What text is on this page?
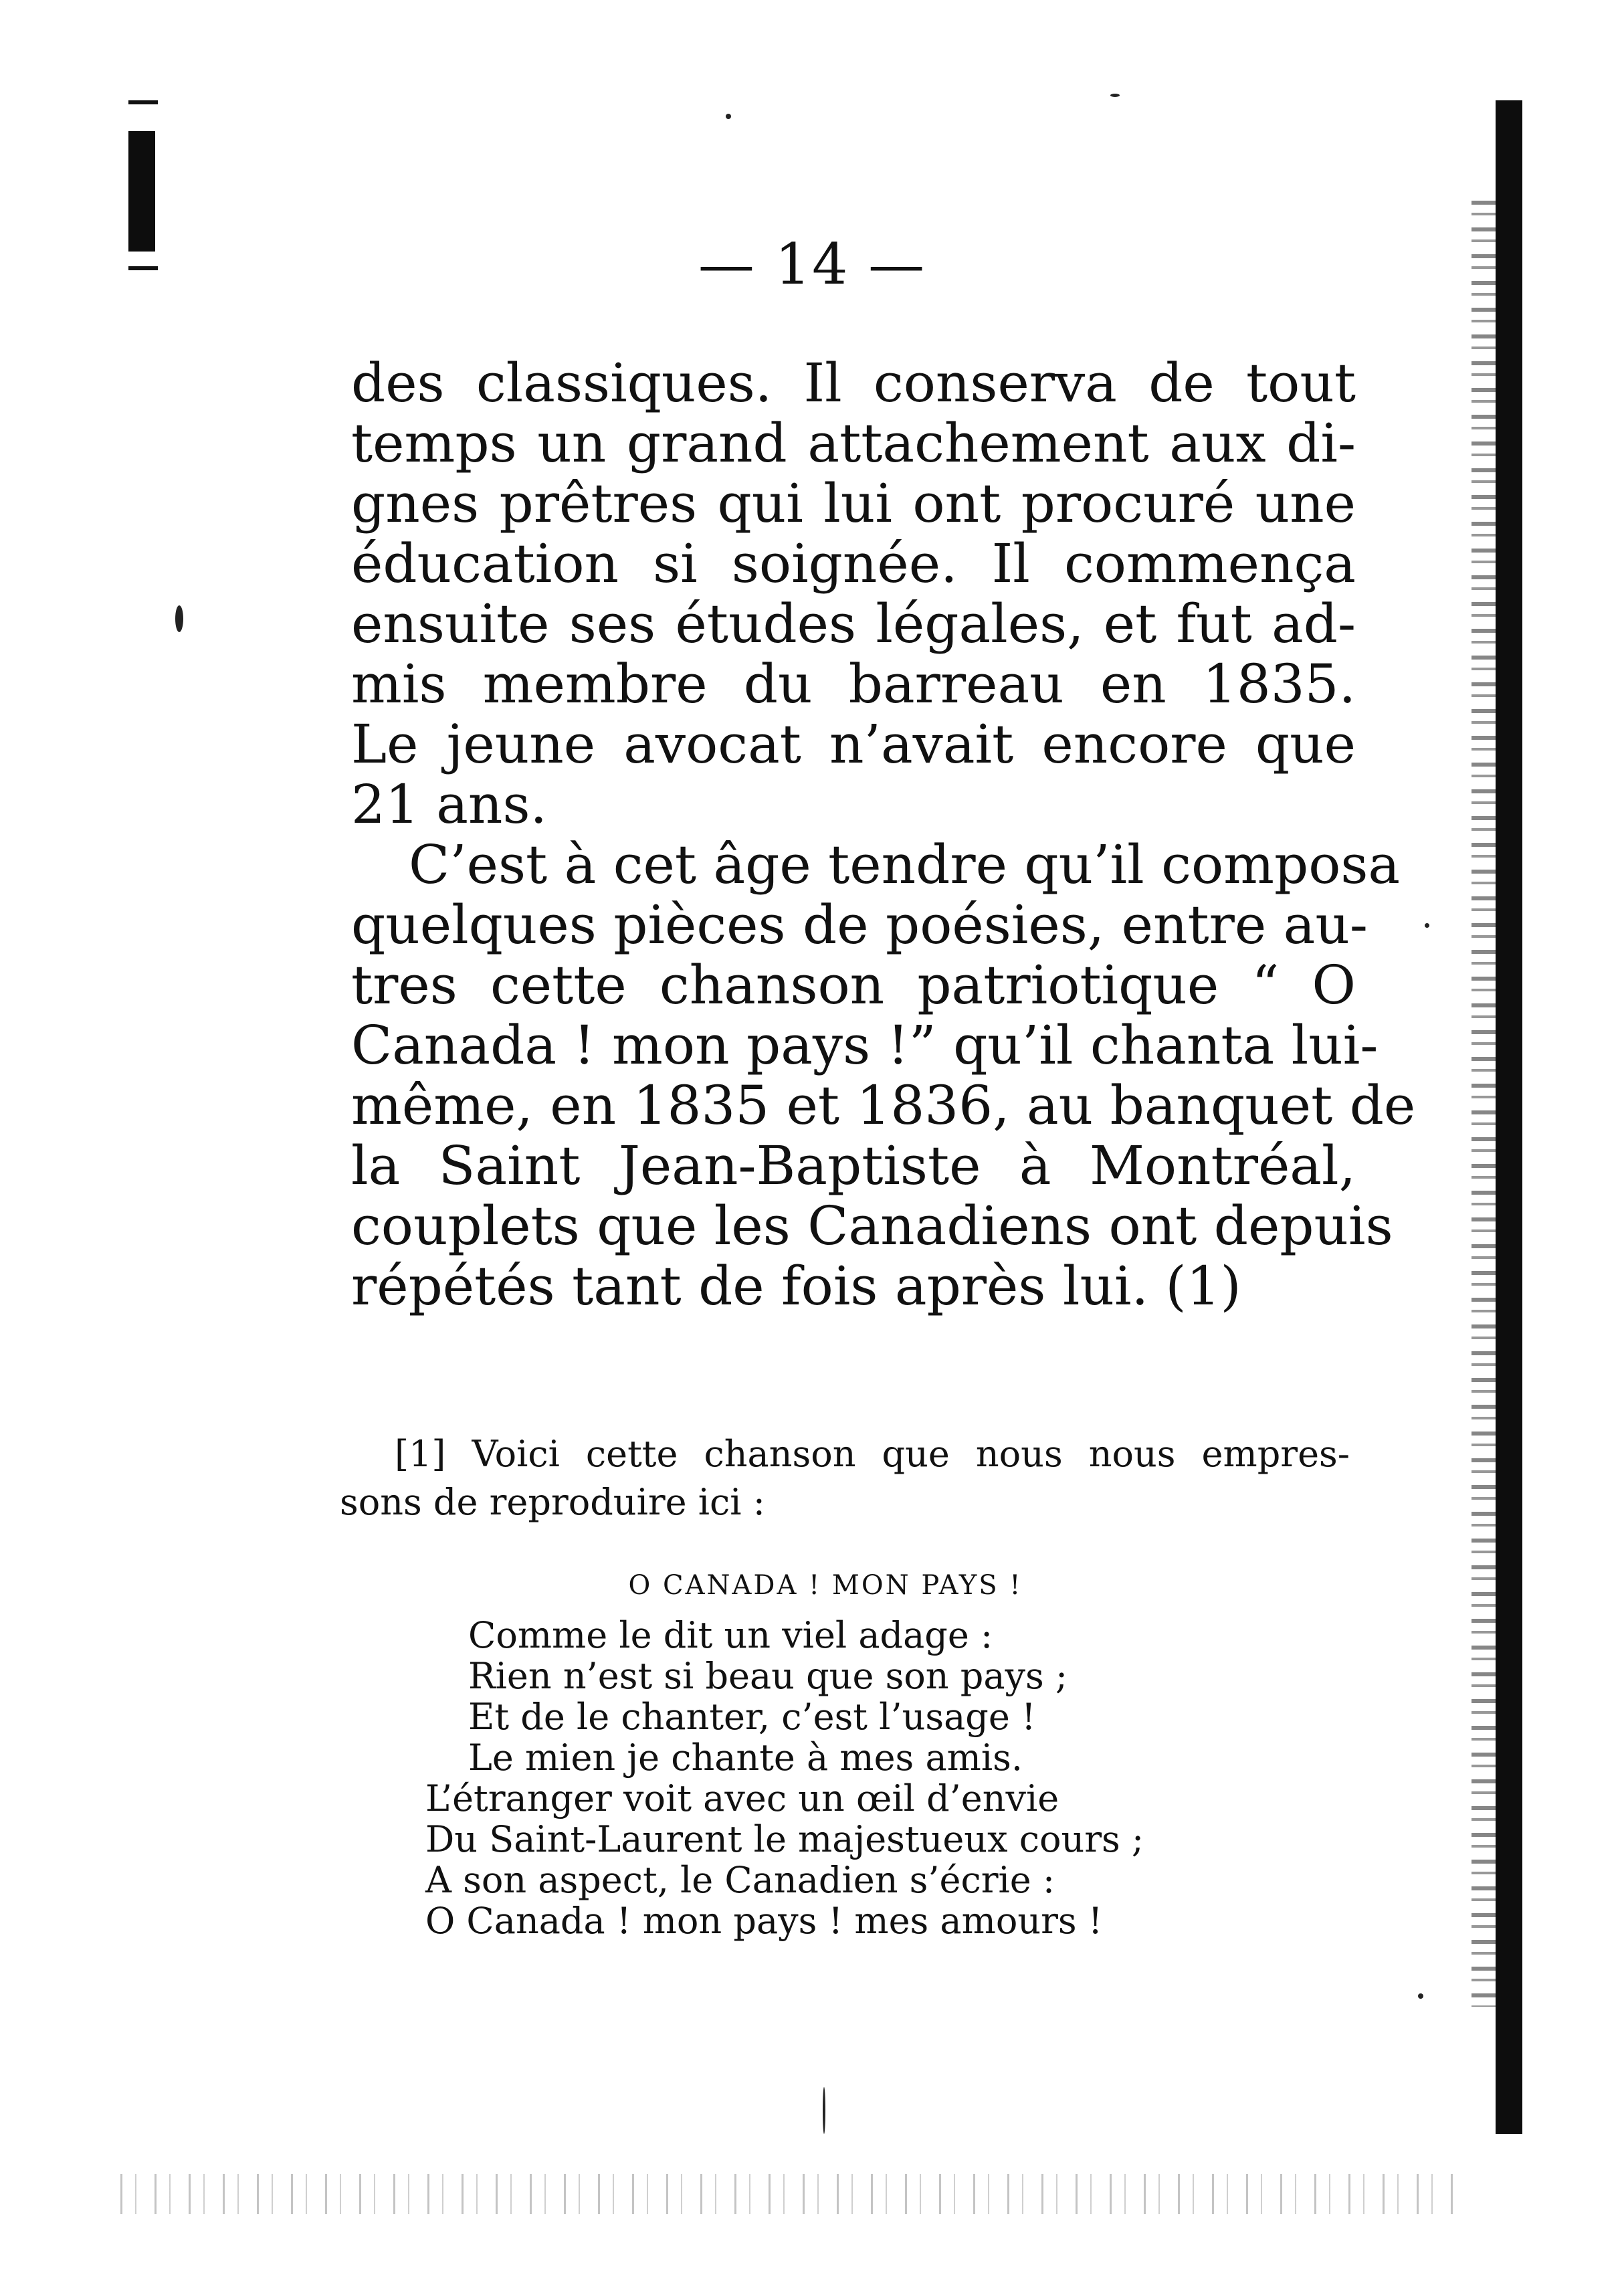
— 14 —
des classiques. Il conserva de tout
temps un grand attachement aux di-
gnes prêtres qui lui ont procuré une
éducation si soignée. Il commença
ensuite ses études légales, et fut ad-
mis membre du barreau en 1835.
Le jeune avocat n’avait encore que
21 ans.
C’est à cet âge tendre qu’il composa
quelques pièces de poésies, entre au-
tres cette chanson patriotique “ O
Canada ! mon pays !” qu’il chanta lui-
même, en 1835 et 1836, au banquet de
la Saint Jean-Baptiste à Montréal,
couplets que les Canadiens ont depuis
répétés tant de fois après lui. (1)
[1] Voici cette chanson que nous nous empres-
sons de reproduire ici :
O CANADA ! MON PAYS !
Comme le dit un viel adage :
Rien n’est si beau que son pays ;
Et de le chanter, c’est l’usage !
Le mien je chante à mes amis.
L’étranger voit avec un œil d’envie
Du Saint-Laurent le majestueux cours ;
A son aspect, le Canadien s’écrie :
O Canada ! mon pays ! mes amours !
